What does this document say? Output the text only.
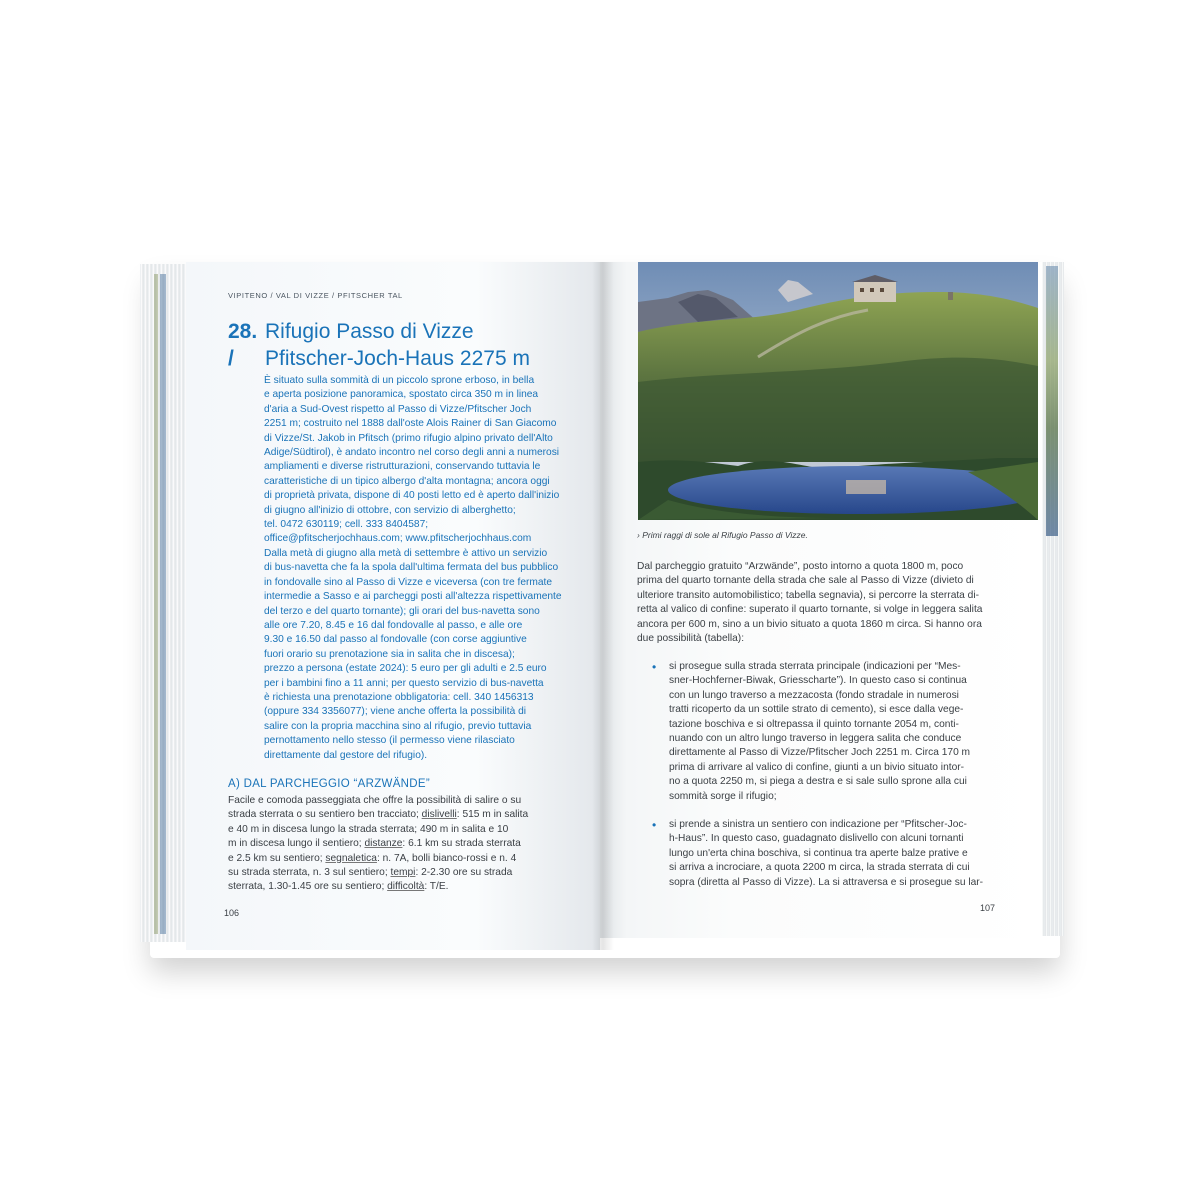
VIPITENO / VAL DI VIZZE / PFITSCHER TAL
28.
/
Rifugio Passo di Vizze
Pfitscher-Joch-Haus 2275 m
È situato sulla sommità di un piccolo sprone erboso, in bella
e aperta posizione panoramica, spostato circa 350 m in linea
d'aria a Sud-Ovest rispetto al Passo di Vizze/Pfitscher Joch
2251 m; costruito nel 1888 dall'oste Alois Rainer di San Giacomo
di Vizze/St. Jakob in Pfitsch (primo rifugio alpino privato dell'Alto
Adige/Südtirol), è andato incontro nel corso degli anni a numerosi
ampliamenti e diverse ristrutturazioni, conservando tuttavia le
caratteristiche di un tipico albergo d'alta montagna; ancora oggi
di proprietà privata, dispone di 40 posti letto ed è aperto dall'inizio
di giugno all'inizio di ottobre, con servizio di alberghetto;
tel. 0472 630119; cell. 333 8404587;
office@pfitscherjochhaus.com; www.pfitscherjochhaus.com
Dalla metà di giugno alla metà di settembre è attivo un servizio
di bus-navetta che fa la spola dall'ultima fermata del bus pubblico
in fondovalle sino al Passo di Vizze e viceversa (con tre fermate
intermedie a Sasso e ai parcheggi posti all'altezza rispettivamente
del terzo e del quarto tornante); gli orari del bus-navetta sono
alle ore 7.20, 8.45 e 16 dal fondovalle al passo, e alle ore
9.30 e 16.50 dal passo al fondovalle (con corse aggiuntive
fuori orario su prenotazione sia in salita che in discesa);
prezzo a persona (estate 2024): 5 euro per gli adulti e 2.5 euro
per i bambini fino a 11 anni; per questo servizio di bus-navetta
è richiesta una prenotazione obbligatoria: cell. 340 1456313
(oppure 334 3356077); viene anche offerta la possibilità di
salire con la propria macchina sino al rifugio, previo tuttavia
pernottamento nello stesso (il permesso viene rilasciato
direttamente dal gestore del rifugio).
A) DAL PARCHEGGIO “ARZWÄNDE”
Facile e comoda passeggiata che offre la possibilità di salire o su
strada sterrata o su sentiero ben tracciato; dislivelli: 515 m in salita
e 40 m in discesa lungo la strada sterrata; 490 m in salita e 10
m in discesa lungo il sentiero; distanze: 6.1 km su strada sterrata
e 2.5 km su sentiero; segnaletica: n. 7A, bolli bianco-rossi e n. 4
su strada sterrata, n. 3 sul sentiero; tempi: 2-2.30 ore su strada
sterrata, 1.30-1.45 ore su sentiero; difficoltà: T/E.
106
› Primi raggi di sole al Rifugio Passo di Vizze.
Dal parcheggio gratuito “Arzwände”, posto intorno a quota 1800 m, poco
prima del quarto tornante della strada che sale al Passo di Vizze (divieto di
ulteriore transito automobilistico; tabella segnavia), si percorre la sterrata di-
retta al valico di confine: superato il quarto tornante, si volge in leggera salita
ancora per 600 m, sino a un bivio situato a quota 1860 m circa. Si hanno ora
due possibilità (tabella):
• si prosegue sulla strada sterrata principale (indicazioni per “Mes-
sner-Hochferner-Biwak, Griesscharte”). In questo caso si continua
con un lungo traverso a mezzacosta (fondo stradale in numerosi
tratti ricoperto da un sottile strato di cemento), si esce dalla vege-
tazione boschiva e si oltrepassa il quinto tornante 2054 m, conti-
nuando con un altro lungo traverso in leggera salita che conduce
direttamente al Passo di Vizze/Pfitscher Joch 2251 m. Circa 170 m
prima di arrivare al valico di confine, giunti a un bivio situato intor-
no a quota 2250 m, si piega a destra e si sale sullo sprone alla cui
sommità sorge il rifugio;
• si prende a sinistra un sentiero con indicazione per “Pfitscher-Joc-
h-Haus”. In questo caso, guadagnato dislivello con alcuni tornanti
lungo un'erta china boschiva, si continua tra aperte balze prative e
si arriva a incrociare, a quota 2200 m circa, la strada sterrata di cui
sopra (diretta al Passo di Vizze). La si attraversa e si prosegue su lar-
107
